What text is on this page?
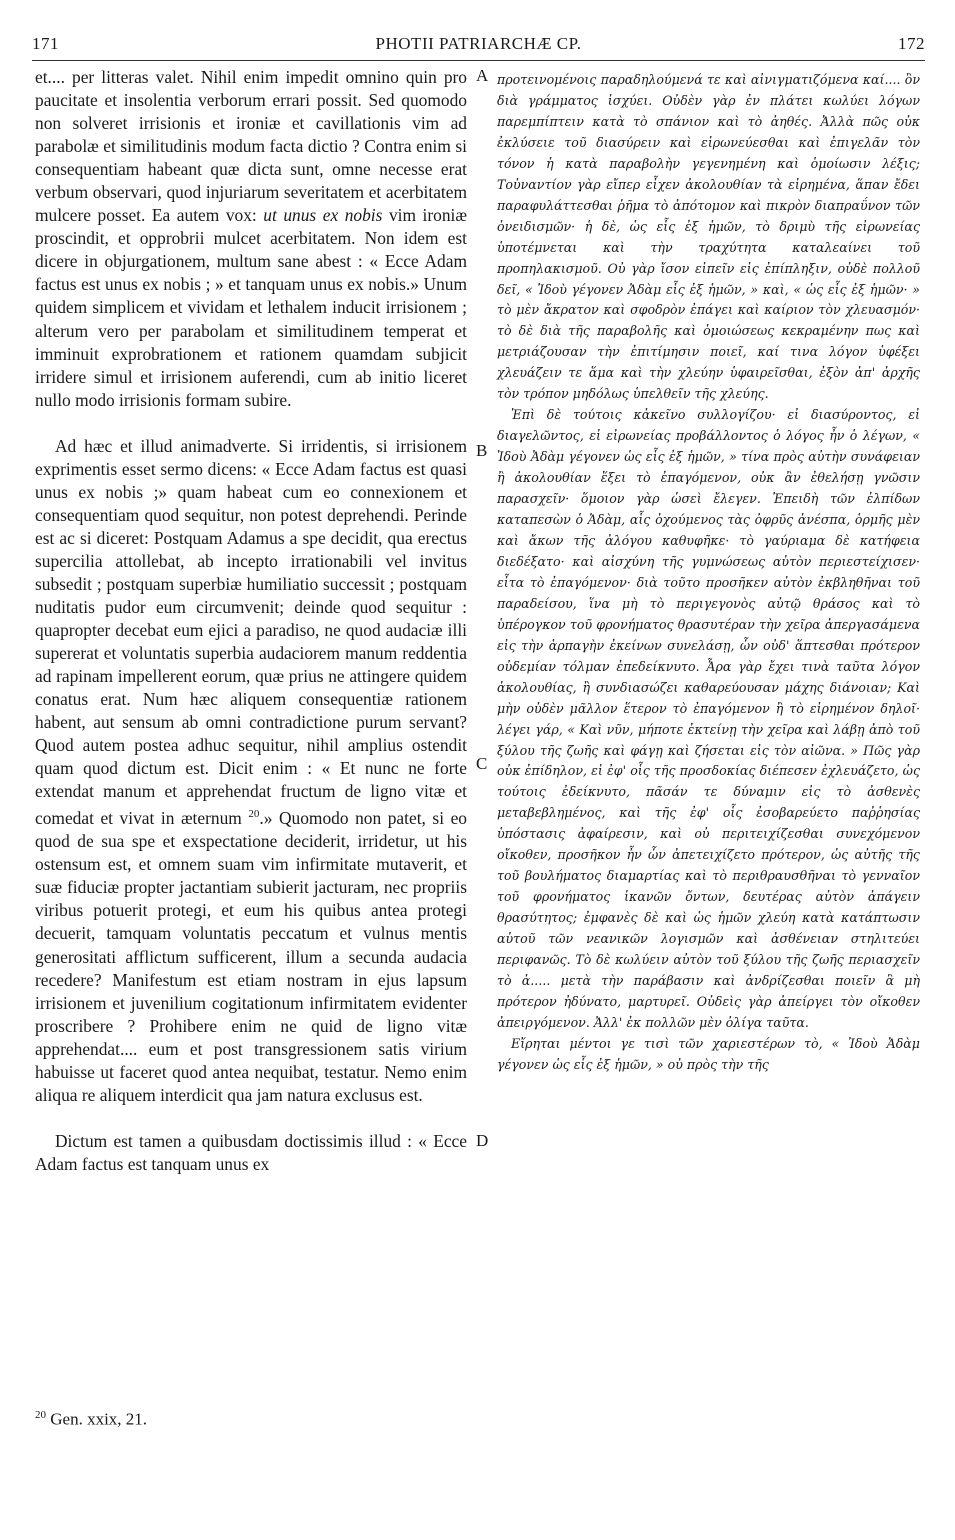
171	PHOTII PATRIARCHÆ CP.	172

et.... per litteras valet. Nihil enim impedit omnino quin pro paucitate et insolentia verborum errari possit. Sed quomodo non solveret irrisionis et ironiæ et cavillationis vim ad parabolæ et similitudinis modum facta dictio ? Contra enim si consequentiam habeant quæ dicta sunt, omne necesse erat verbum observari, quod injuriarum severitatem et acerbitatem mulcere posset. Ea autem vox: ut unus ex nobis vim ironiæ proscindit, et opprobrii mulcet acerbitatem. Non idem est dicere in objurgationem, multum sane abest : « Ecce Adam factus est unus ex nobis ; » et tanquam unus ex nobis.» Unum quidem simplicem et vividam et lethalem inducit irrisionem ; alterum vero per parabolam et similitudinem temperat et imminuit exprobrationem et rationem quamdam subjicit irridere simul et irrisionem auferendi, cum ab initio liceret nullo modo irrisionis formam subire.

Ad hæc et illud animadverte. Si irridentis, si irrisionem exprimentis esset sermo dicens: « Ecce Adam factus est quasi unus ex nobis ;» quam habeat cum eo connexionem et consequentiam quod sequitur, non potest deprehendi. Perinde est ac si diceret: Postquam Adamus a spe decidit, qua erectus supercilia attollebat, ab incepto irrationabili vel invitus subsedit ; postquam superbiæ humiliatio successit ; postquam nuditatis pudor eum circumvenit; deinde quod sequitur : quapropter decebat eum ejici a paradiso, ne quod audaciæ illi supererat et voluntatis superbia audaciorem manum reddentia ad rapinam impellerent eorum, quæ prius ne attingere quidem conatus erat. Num hæc aliquem consequentiæ rationem habent, aut sensum ab omni contradictione purum servant? Quod autem postea adhuc sequitur, nihil amplius ostendit quam quod dictum est. Dicit enim : « Et nunc ne forte extendat manum et apprehendat fructum de ligno vitæ et comedat et vivat in æternum $^{20}$.» Quomodo non patet, si eo quod de sua spe et exspectatione deciderit, irridetur, ut his ostensum est, et omnem suam vim infirmitate mutaverit, et suæ fiduciæ propter jactantiam subierit jacturam, nec propriis viribus potuerit protegi, et eum his quibus antea protegi decuerit, tamquam voluntatis peccatum et vulnus mentis generositati afflictum sufficerent, illum a secunda audacia recedere? Manifestum est etiam nostram in ejus lapsum irrisionem et juvenilium cogitationum infirmitatem evidenter proscribere ? Prohibere enim ne quid de ligno vitæ apprehendat.... eum et post transgressionem satis virium habuisse ut faceret quod antea nequibat, testatur. Nemo enim aliqua re aliquem interdicit qua jam natura exclusus est.

Dictum est tamen a quibusdam doctissimis illud : « Ecce Adam factus est tanquam unus ex

A
B
C
D

προτεινομένοις παραδηλούμενά τε καὶ αἰνιγματιζόμενα καί.... ὃν διὰ γράμματος ἰσχύει. Οὐδὲν γὰρ ἐν πλάτει κωλύει λόγων παρεμπίπτειν κατὰ τὸ σπάνιον καὶ τὸ ἀηθές. Ἀλλὰ πῶς οὐκ ἐκλύσειε τοῦ διασύρειν καὶ εἰρωνεύεσθαι καὶ ἐπιγελᾶν τὸν τόνον ἡ κατὰ παραβολὴν γεγενημένη καὶ ὁμοίωσιν λέξις; Τοὐναντίον γὰρ εἴπερ εἶχεν ἀκολουθίαν τὰ εἰρημένα, ἅπαν ἔδει παραφυλάττεσθαι ῥῆμα τὸ ἀπότομον καὶ πικρὸν διαπραΰνον τῶν ὀνειδισμῶν· ἡ δὲ, ὡς εἷς ἐξ ἡμῶν, τὸ δριμὺ τῆς εἰρωνείας ὑποτέμνεται καὶ τὴν τραχύτητα καταλεαίνει τοῦ προπηλακισμοῦ. Οὐ γὰρ ἴσον εἰπεῖν εἰς ἐπίπληξιν, οὐδὲ πολλοῦ δεῖ, « Ἰδοὺ γέγονεν Ἀδὰμ εἷς ἐξ ἡμῶν, » καὶ, « ὡς εἷς ἐξ ἡμῶν· » τὸ μὲν ἄκρατον καὶ σφοδρὸν ἐπάγει καὶ καίριον τὸν χλευασμόν· τὸ δὲ διὰ τῆς παραβολῆς καὶ ὁμοιώσεως κεκραμένην πως καὶ μετριάζουσαν τὴν ἐπιτίμησιν ποιεῖ, καί τινα λόγον ὑφέξει χλευάζειν τε ἅμα καὶ τὴν χλεύην ὑφαιρεῖσθαι, ἐξὸν ἀπ' ἀρχῆς τὸν τρόπον μηδόλως ὑπελθεῖν τῆς χλεύης.

Ἐπὶ δὲ τούτοις κἀκεῖνο συλλογίζου· εἰ διασύροντος, εἰ διαγελῶντος, εἰ εἰρωνείας προβάλλοντος ὁ λόγος ἦν ὁ λέγων, « Ἰδοὺ Ἀδὰμ γέγονεν ὡς εἷς ἐξ ἡμῶν, » τίνα πρὸς αὐτὴν συνάφειαν ἢ ἀκολουθίαν ἕξει τὸ ἐπαγόμενον, οὐκ ἂν ἐθελήσῃ γνῶσιν παρασχεῖν· ὅμοιον γὰρ ὡσεὶ ἔλεγεν. Ἐπειδὴ τῶν ἐλπίδων καταπεσὼν ὁ Ἀδὰμ, αἷς ὀχούμενος τὰς ὀφρῦς ἀνέσπα, ὁρμῆς μὲν καὶ ἄκων τῆς ἀλόγου καθυφῆκε· τὸ γαύριαμα δὲ κατήφεια διεδέξατο· καὶ αἰσχύνη τῆς γυμνώσεως αὐτὸν περιεστείχισεν· εἶτα τὸ ἐπαγόμενον· διὰ τοῦτο προσῆκεν αὐτὸν ἐκβληθῆναι τοῦ παραδείσου, ἵνα μὴ τὸ περιγεγονὸς αὐτῷ θράσος καὶ τὸ ὑπέρογκον τοῦ φρονήματος θρασυτέραν τὴν χεῖρα ἀπεργασάμενα εἰς τὴν ἁρπαγὴν ἐκείνων συνελάσῃ, ὧν οὐδ' ἅπτεσθαι πρότερον οὐδεμίαν τόλμαν ἐπεδείκνυτο. Ἆρα γὰρ ἔχει τινὰ ταῦτα λόγον ἀκολουθίας, ἢ συνδιασώζει καθαρεύουσαν μάχης διάνοιαν; Καὶ μὴν οὐδὲν μᾶλλον ἕτερον τὸ ἐπαγόμενον ἢ τὸ εἰρημένον δηλοῖ· λέγει γάρ, « Καὶ νῦν, μήποτε ἐκτείνῃ τὴν χεῖρα καὶ λάβῃ ἀπὸ τοῦ ξύλου τῆς ζωῆς καὶ φάγῃ καὶ ζήσεται εἰς τὸν αἰῶνα. » Πῶς γὰρ οὐκ ἐπίδηλον, εἰ ἐφ' οἷς τῆς προσδοκίας διέπεσεν ἐχλευάζετο, ὡς τούτοις ἐδείκνυτο, πᾶσάν τε δύναμιν εἰς τὸ ἀσθενὲς μεταβεβλημένος, καὶ τῆς ἐφ' οἷς ἐσοβαρεύετο παῤῥησίας ὑπόστασις ἀφαίρεσιν, καὶ οὐ περιτειχίζεσθαι συνεχόμενον οἴκοθεν, προσῆκον ἦν ὧν ἀπετειχίζετο πρότερον, ὡς αὐτῆς τῆς τοῦ βουλήματος διαμαρτίας καὶ τὸ περιθραυσθῆναι τὸ γενναῖον τοῦ φρονήματος ἱκανῶν ὄντων, δευτέρας αὐτὸν ἀπάγειν θρασύτητος; ἐμφανὲς δὲ καὶ ὡς ἡμῶν χλεύη κατὰ κατάπτωσιν αὐτοῦ τῶν νεανικῶν λογισμῶν καὶ ἀσθένειαν στηλιτεύει περιφανῶς. Τὸ δὲ κωλύειν αὐτὸν τοῦ ξύλου τῆς ζωῆς περιασχεῖν τὸ ἀ..... μετὰ τὴν παράβασιν καὶ ἀνδρίζεσθαι ποιεῖν ἃ μὴ πρότερον ἠδύνατο, μαρτυρεῖ. Οὐδεὶς γὰρ ἀπείργει τὸν οἴκοθεν ἀπειργόμενον. Ἀλλ' ἐκ πολλῶν μὲν ὀλίγα ταῦτα.

Εἴρηται μέντοι γε τισὶ τῶν χαριεστέρων τὸ, « Ἰδοὺ Ἀδὰμ γέγονεν ὡς εἷς ἐξ ἡμῶν, » οὐ πρὸς τὴν τῆς

$^{20}$ Gen. xxix, 21.
